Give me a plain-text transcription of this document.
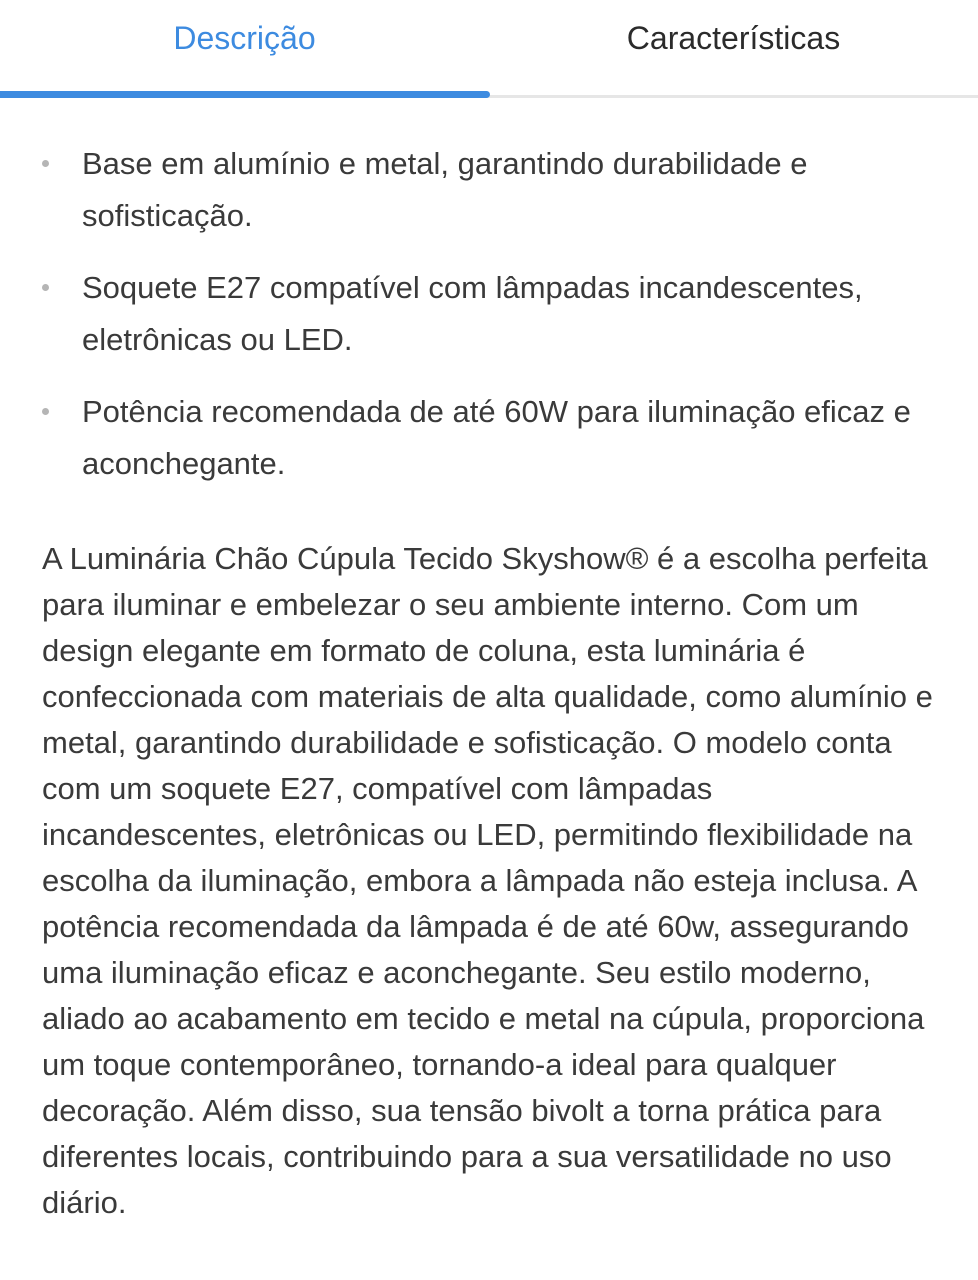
Descrição	Características
Base em alumínio e metal, garantindo durabilidade e sofisticação.
Soquete E27 compatível com lâmpadas incandescentes, eletrônicas ou LED.
Potência recomendada de até 60W para iluminação eficaz e aconchegante.

A Luminária Chão Cúpula Tecido Skyshow® é a escolha perfeita para iluminar e embelezar o seu ambiente interno. Com um design elegante em formato de coluna, esta luminária é confeccionada com materiais de alta qualidade, como alumínio e metal, garantindo durabilidade e sofisticação. O modelo conta com um soquete E27, compatível com lâmpadas incandescentes, eletrônicas ou LED, permitindo flexibilidade na escolha da iluminação, embora a lâmpada não esteja inclusa. A potência recomendada da lâmpada é de até 60w, assegurando uma iluminação eficaz e aconchegante. Seu estilo moderno, aliado ao acabamento em tecido e metal na cúpula, proporciona um toque contemporâneo, tornando-a ideal para qualquer decoração. Além disso, sua tensão bivolt a torna prática para diferentes locais, contribuindo para a sua versatilidade no uso diário.
